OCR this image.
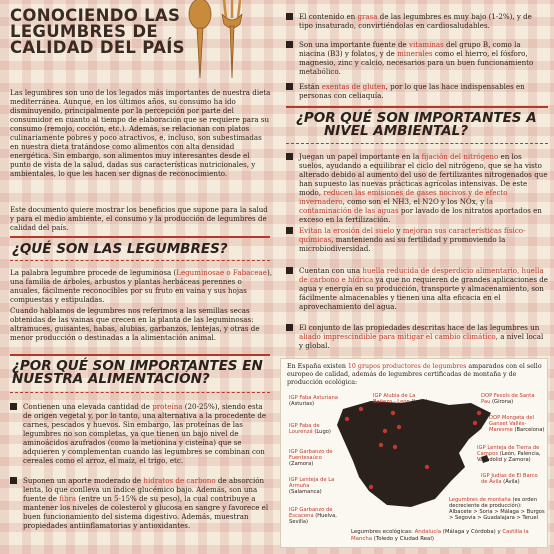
CONOCIENDO LAS LEGUMBRES DE CALIDAD DEL PAÍS
Las legumbres son uno de los legados más importantes de nuestra dieta mediterránea. Aunque, en los últimos años, su consumo ha ido disminuyendo, principalmente por la percepción por parte del consumidor en cuanto al tiempo de elaboración que se requiere para su consumo (remojo, cocción, etc.). Además, se relacionan con platos culinariamente pobres y poco atractivos, e, incluso, son subestimadas en nuestra dieta tratándose como alimentos con alta densidad energética. Sin embargo, son alimentos muy interesantes desde el punto de vista de la salud, dadas sus características nutricionales, y ambientales, lo que les hacen ser dignas de reconocimiento.
Este documento quiere mostrar los beneficios que supone para la salud y para el medio ambiente, el consumo y la producción de legumbres de calidad del país.
¿QUÉ SON LAS LEGUMBRES?
La palabra legumbre procede de leguminosa (Leguminosae o Fabaceae), una familia de árboles, arbustos y plantas herbáceas perennes o anuales, fácilmente reconocibles por su fruto en vaina y sus hojas compuestas y estipuladas.
Cuando hablamos de legumbres nos referimos a las semillas secas obtenidas de las vainas que crecen en la planta de las leguminosas: altramuces, guisantes, habas, alubias, garbanzos, lentejas, y otras de menor producción o destinadas a la alimentación animal.
¿POR QUÉ SON IMPORTANTES EN
NUESTRA ALIMENTACIÓN?
Contienen una elevada cantidad de proteína (20-25%), siendo esta de origen vegetal y, por lo tanto, una alternativa a la procedente de carnes, pescados y huevos. Sin embargo, las proteínas de las legumbres no son completas, ya que tienen un bajo nivel de aminoácidos azufrados (como la metionina y cisteína) que se adquieren y complementan cuando las legumbres se combinan con cereales como el arroz, el maíz, el trigo, etc.
Suponen un aporte moderado de hidratos de carbono de absorción lenta, lo que conlleva un índice glucémico bajo. Además, son una fuente de fibra (entre un 5-15% de su peso), la cual contribuye a mantener los niveles de colesterol y glucosa en sangre y favorece el buen funcionamiento del sistema digestivo. Además, muestran propiedades antiinflamatorias y antioxidantes.
El contenido en grasa de las legumbres es muy bajo (1-2%), y de tipo insaturado, convirtiéndolas en cardiosaludables.
Son una importante fuente de vitaminas del grupo B, como la niacina (B3) y folatos, y de minerales como el hierro, el fósforo, magnesio, zinc y calcio, necesarios para un buen funcionamiento metabólico.
Están exentas de gluten, por lo que las hace indispensables en personas con celiaquía.
¿POR QUÉ SON IMPORTANTES A
NIVEL AMBIENTAL?
Juegan un papel importante en la fijación del nitrógeno en los suelos, ayudando a equilibrar el ciclo del nitrógeno, que se ha visto alterado debido al aumento del uso de fertilizantes nitrogenados que han supuesto las nuevas prácticas agrícolas intensivas. De este modo, reducen las emisiones de gases nocivos y de efecto invernadero, como son el NH3, el N2O y los NOx, y la contaminación de las aguas por lavado de los nitratos aportados en exceso en la fertilización.
Evitan la erosión del suelo y mejoran sus características físico-químicas, manteniendo así su fertilidad y promoviendo la microbiodiversidad.
Cuentan con una huella reducida de desperdicio alimentario, huella de carbono e hídrica ya que no requieren de grandes aplicaciones de agua y energía en su producción, transporte y almacenamiento, son fácilmente almacenables y tienen una alta eficacia en el aprovechamiento del agua.
El conjunto de las propiedades descritas hace de las legumbres un aliado imprescindible para mitigar el cambio climático, a nivel local y global.
En España existen 10 grupos productores de legumbres amparados con el sello europeo de calidad, además de legumbres certificadas de montaña y de producción ecológica:
IGP Faba Asturiana (Asturias)
IGP Alubia de La Bañeza - León (León)
DOP Fesols de Santa Pau (Girona)
IGP Faba de Lourenzá (Lugo)
DOP Mongeta del Ganxet Vallès-Maresme (Barcelona)
IGP Garbanzo de Fuentesaúco (Zamora)
IGP Lenteja de Tierra de Campos (León, Palencia, Valladolid y Zamora)
IGP Lenteja de La Armuña (Salamanca)
IGP Judías de El Barco de Ávila (Ávila)
Legumbres de montaña (es orden decreciente de producción): Albacete > Soria > Málaga > Burgos > Segovia > Guadalajara > Teruel
IGP Garbanzo de Escacena (Huelva, Sevilla)
Legumbres ecológicas: Andalucía (Málaga y Córdoba) y Castilla la Mancha (Toledo y Ciudad Real)
